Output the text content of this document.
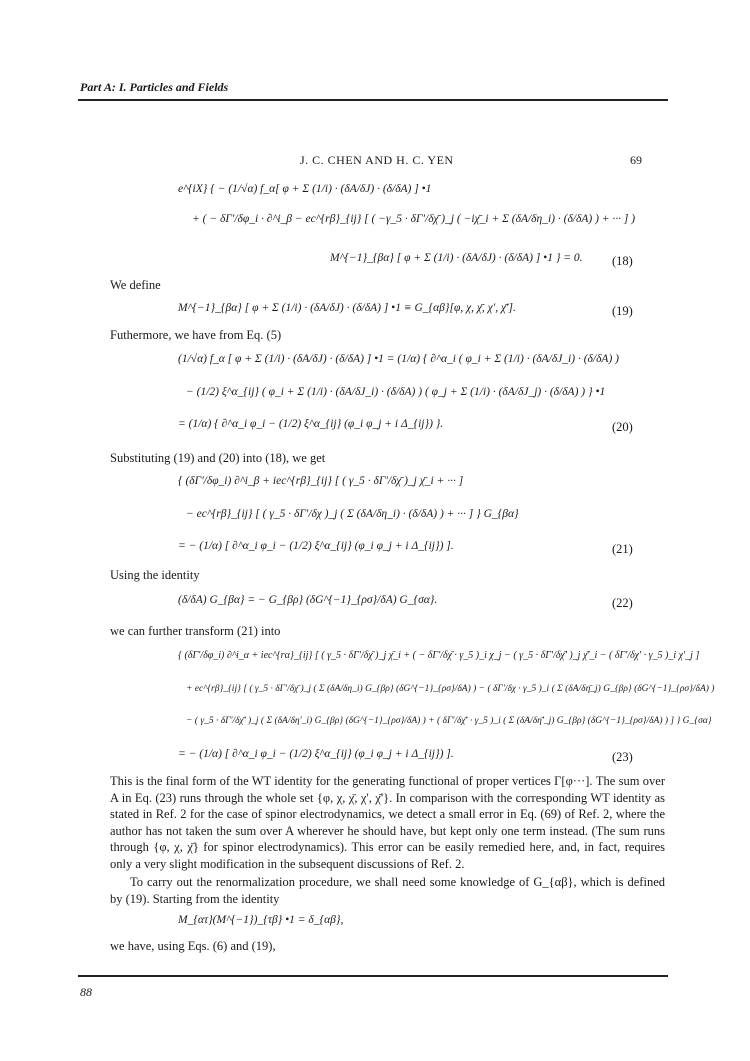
Part A: I. Particles and Fields
J. C. CHEN AND H. C. YEN	69
e^{iX} { − (1/√α) f_α[ φ + Σ (1/i) · (δA/δJ) · (δ/δA) ] •1
+ ( − δΓ'/δφ_i · ∂^i_β − ec^{rβ}_{ij} [ ( −γ_5 · δΓ'/δχ̄ )_j ( −iχ̄_i + Σ (δA/δη_i) · (δ/δA) ) + ··· ] )
M^{−1}_{βα} [ φ + Σ (1/i) · (δA/δJ) · (δ/δA) ] •1 } = 0. (18)
We define
M^{−1}_{βα} [ φ + Σ (1/i) · (δA/δJ) · (δ/δA) ] •1 ≡ G_{αβ}[φ, χ, χ̄, χ', χ̄'].	(19)
Futhermore, we have from Eq. (5)
(1/√α) f_α [ φ + Σ (1/i) · (δA/δJ) · (δ/δA) ] •1 = (1/α) { ∂^α_i ( φ_i + Σ (1/i) · (δA/δJ_i) · (δ/δA) )
− (1/2) ξ^α_{ij} ( φ_i + Σ (1/i) · (δA/δJ_i) · (δ/δA) ) ( φ_j + Σ (1/i) · (δA/δJ_j) · (δ/δA) ) } •1
= (1/α) { ∂^α_i φ_i − (1/2) ξ^α_{ij} (φ_i φ_j + i Δ_{ij}) }.	(20)
Substituting (19) and (20) into (18), we get
{ (δΓ'/δφ_i) ∂^i_β + iec^{rβ}_{ij} [ ( γ_5 · δΓ'/δχ̄ )_j χ̄_i + ··· ]
− ec^{rβ}_{ij} [ ( γ_5 · δΓ'/δχ )_j ( Σ (δA/δη_i) · (δ/δA) ) + ··· ] } G_{βα}
= − (1/α) [ ∂^α_i φ_i − (1/2) ξ^α_{ij} (φ_i φ_j + i Δ_{ij}) ].	(21)
Using the identity
(δ/δA) G_{βα} = − G_{βρ} (δG^{−1}_{ρσ}/δA) G_{σα}.	(22)
we can further transform (21) into
{ (δΓ'/δφ_i) ∂^i_α + iec^{rα}_{ij} [ ( γ_5 · δΓ'/δχ̄ )_j χ̄_i + ( − δΓ'/δχ̄ · γ_5 )_i χ_j − ( γ_5 · δΓ'/δχ̄' )_j χ̄'_i − ( δΓ'/δχ' · γ_5 )_i χ'_j ]
+ ec^{rβ}_{ij} [ ( γ_5 · δΓ'/δχ̄ )_j ( Σ (δA/δη_i) G_{βρ} (δG^{−1}_{ρσ}/δA) ) − ( δΓ'/δχ · γ_5 )_i ( Σ (δA/δη̄_j) G_{βρ} (δG^{−1}_{ρσ}/δA) )
− ( γ_5 · δΓ'/δχ̄' )_j ( Σ (δA/δη'_i) G_{βρ} (δG^{−1}_{ρσ}/δA) ) + ( δΓ'/δχ̄' · γ_5 )_i ( Σ (δA/δη̄'_j) G_{βρ} (δG^{−1}_{ρσ}/δA) ) ] } G_{σα}
= − (1/α) [ ∂^α_i φ_i − (1/2) ξ^α_{ij} (φ_i φ_j + i Δ_{ij}) ].	(23)
This is the final form of the WT identity for the generating functional of proper vertices Γ[φ···]. The sum over A in Eq. (23) runs through the whole set {φ, χ, χ̄, χ', χ̄'}. In comparison with the corresponding WT identity as stated in Ref. 2 for the case of spinor electrodynamics, we detect a small error in Eq. (69) of Ref. 2, where the author has not taken the sum over A wherever he should have, but kept only one term instead. (The sum runs through {φ, χ, χ̄} for spinor electrodynamics). This error can be easily remedied here, and, in fact, requires only a very slight modification in the subsequent discussions of Ref. 2.
To carry out the renormalization procedure, we shall need some knowledge of G_{αβ}, which is defined by (19). Starting from the identity
M_{ατ}(M^{−1})_{τβ} •1 = δ_{αβ},
we have, using Eqs. (6) and (19),
88
